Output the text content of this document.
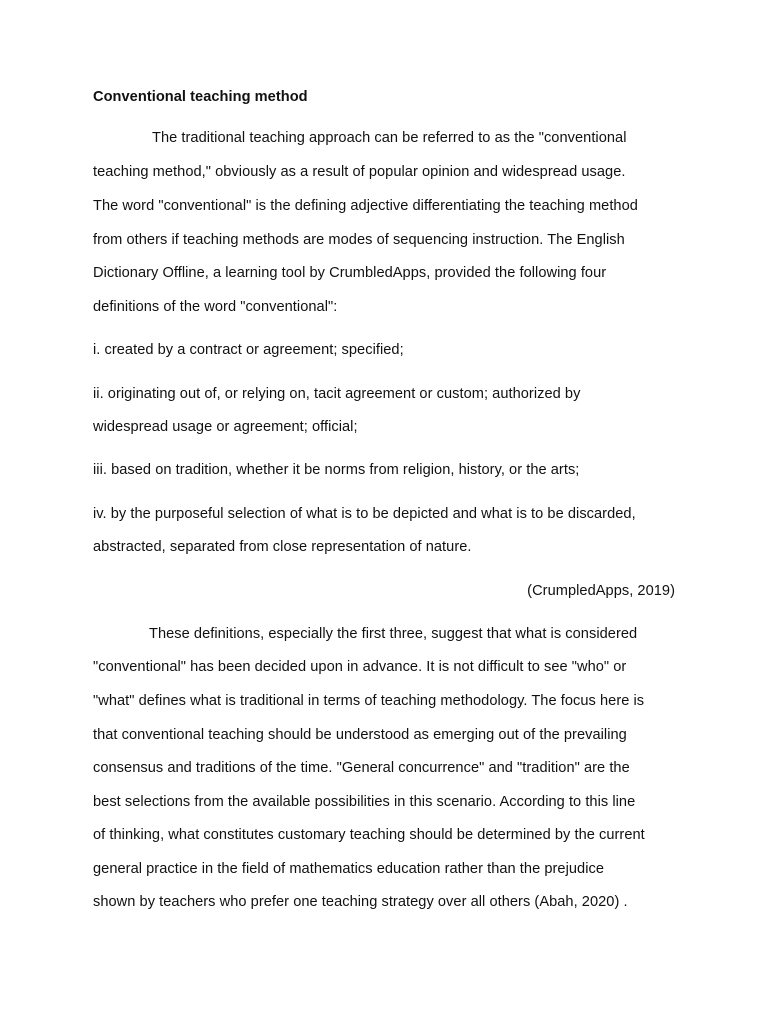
Conventional teaching method
The traditional teaching approach can be referred to as the "conventional
teaching method," obviously as a result of popular opinion and widespread usage.
The word "conventional" is the defining adjective differentiating the teaching method
from others if teaching methods are modes of sequencing instruction. The English
Dictionary Offline, a learning tool by CrumbledApps, provided the following four
definitions of the word "conventional":
i. created by a contract or agreement; specified;
ii. originating out of, or relying on, tacit agreement or custom; authorized by
widespread usage or agreement; official;
iii. based on tradition, whether it be norms from religion, history, or the arts;
iv. by the purposeful selection of what is to be depicted and what is to be discarded,
abstracted, separated from close representation of nature.
(CrumpledApps, 2019)
These definitions, especially the first three, suggest that what is considered
"conventional" has been decided upon in advance. It is not difficult to see "who" or
"what" defines what is traditional in terms of teaching methodology. The focus here is
that conventional teaching should be understood as emerging out of the prevailing
consensus and traditions of the time. "General concurrence" and "tradition" are the
best selections from the available possibilities in this scenario. According to this line
of thinking, what constitutes customary teaching should be determined by the current
general practice in the field of mathematics education rather than the prejudice
shown by teachers who prefer one teaching strategy over all others (Abah, 2020) .
